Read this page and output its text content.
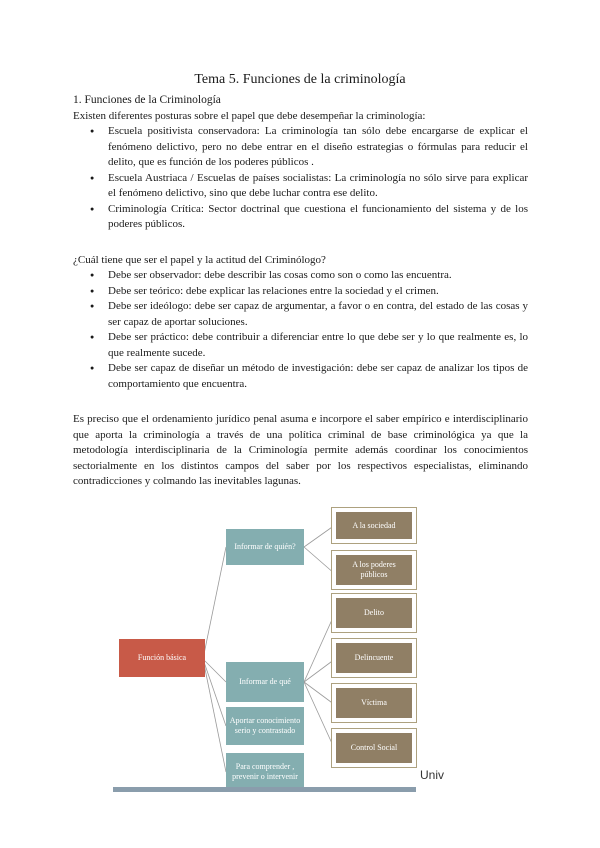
Tema 5. Funciones de la criminología
1. Funciones de la Criminología
Existen diferentes posturas sobre el papel que debe desempeñar la criminología:
● Escuela positivista conservadora: La criminología tan sólo debe encargarse de explicar el fenómeno delictivo, pero no debe entrar en el diseño estrategias o fórmulas para reducir el delito, que es función de los poderes públicos .
● Escuela Austriaca / Escuelas de países socialistas: La criminología no sólo sirve para explicar el fenómeno delictivo, sino que debe luchar contra ese delito.
● Criminología Crítica: Sector doctrinal que cuestiona el funcionamiento del sistema y de los poderes públicos.
¿Cuál tiene que ser el papel y la actitud del Criminólogo?
● Debe ser observador: debe describir las cosas como son o como las encuentra.
● Debe ser teórico: debe explicar las relaciones entre la sociedad y el crimen.
● Debe ser ideólogo: debe ser capaz de argumentar, a favor o en contra, del estado de las cosas y ser capaz de aportar soluciones.
● Debe ser práctico: debe contribuir a diferenciar entre lo que debe ser y lo que realmente es, lo que realmente sucede.
● Debe ser capaz de diseñar un método de investigación: debe ser capaz de analizar los tipos de comportamiento que encuentra.
Es preciso que el ordenamiento jurídico penal asuma e incorpore el saber empírico e interdisciplinario que aporta la criminología a través de una política criminal de base criminológica ya que la metodología interdisciplinaria de la Criminología permite además coordinar los conocimientos sectorialmente en los distintos campos del saber por los respectivos especialistas, eliminando contradicciones y colmando las inevitables lagunas.
Función básica
Informar de quién?
Informar de qué
Aportar conocimiento serio y contrastado
Para comprender , prevenir o intervenir
A la sociedad
A los poderes públicos
Delito
Delincuente
Víctima
Control Social
Univ
